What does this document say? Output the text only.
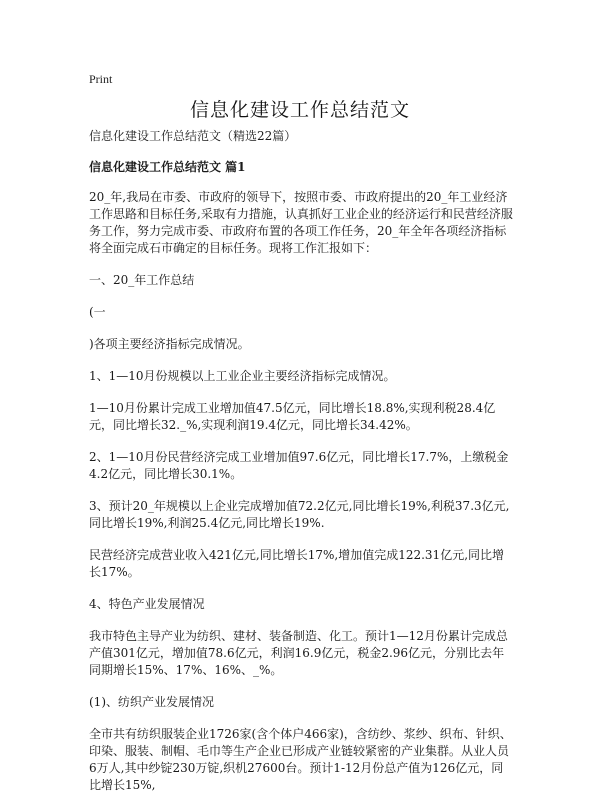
Print
信息化建设工作总结范文

信息化建设工作总结范文（精选22篇）

信息化建设工作总结范文 篇1

20_年,我局在市委、市政府的领导下，按照市委、市政府提出的20_年工业经济工作思路和目标任务,采取有力措施，认真抓好工业企业的经济运行和民营经济服务工作，努力完成市委、市政府布置的各项工作任务，20_年全年各项经济指标将全面完成石市确定的目标任务。现将工作汇报如下：

一、20_年工作总结

(一

)各项主要经济指标完成情况。

1、1—10月份规模以上工业企业主要经济指标完成情况。

1—10月份累计完成工业增加值47.5亿元，同比增长18.8%,实现利税28.4亿元，同比增长32._%,实现利润19.4亿元，同比增长34.42%。

2、1—10月份民营经济完成工业增加值97.6亿元，同比增长17.7%，上缴税金4.2亿元，同比增长30.1%。

3、预计20_年规模以上企业完成增加值72.2亿元,同比增长19%,利税37.3亿元,同比增长19%,利润25.4亿元,同比增长19%.

民营经济完成营业收入421亿元,同比增长17%,增加值完成122.31亿元,同比增长17%。

4、特色产业发展情况

我市特色主导产业为纺织、建材、装备制造、化工。预计1—12月份累计完成总产值301亿元，增加值78.6亿元，利润16.9亿元，税金2.96亿元，分别比去年同期增长15%、17%、16%、_%。

(1)、纺织产业发展情况

全市共有纺织服装企业1726家(含个体户466家)，含纺纱、浆纱、织布、针织、印染、服装、制帽、毛巾等生产企业已形成产业链较紧密的产业集群。从业人员6万人,其中纱锭230万锭,织机27600台。预计1-12月份总产值为126亿元，同比增长15%,
